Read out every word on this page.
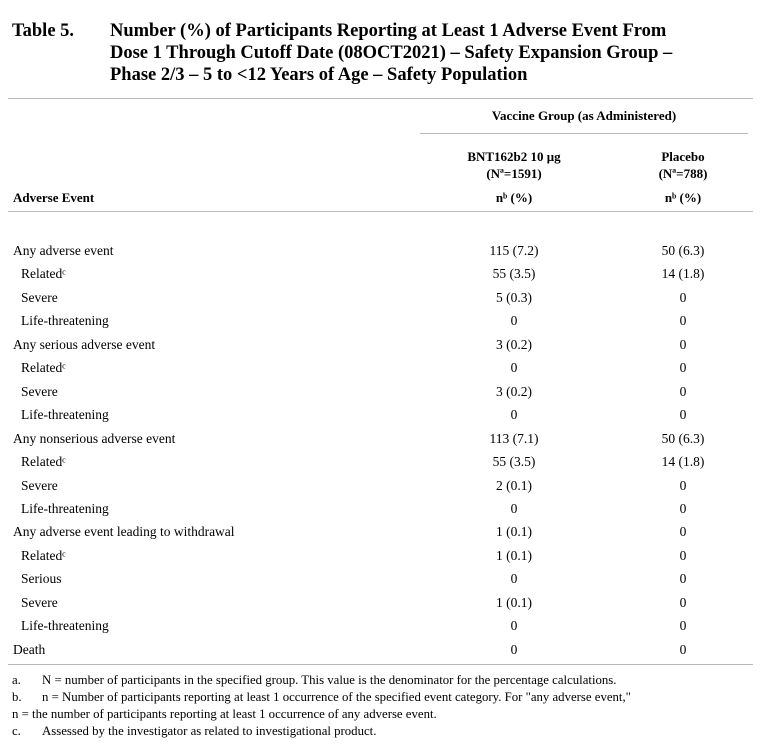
Table 5.	Number (%) of Participants Reporting at Least 1 Adverse Event From
Dose 1 Through Cutoff Date (08OCT2021) – Safety Expansion Group –
Phase 2/3 – 5 to <12 Years of Age – Safety Population
Vaccine Group (as Administered)
BNT162b2 10 μg
(Nª=1591)
nᵇ (%)
Placebo
(Nª=788)
nᵇ (%)
Adverse Event
Any adverse event	115 (7.2)	50 (6.3)
Relatedᶜ	55 (3.5)	14 (1.8)
Severe	5 (0.3)	0
Life-threatening	0	0
Any serious adverse event	3 (0.2)	0
Relatedᶜ	0	0
Severe	3 (0.2)	0
Life-threatening	0	0
Any nonserious adverse event	113 (7.1)	50 (6.3)
Relatedᶜ	55 (3.5)	14 (1.8)
Severe	2 (0.1)	0
Life-threatening	0	0
Any adverse event leading to withdrawal	1 (0.1)	0
Relatedᶜ	1 (0.1)	0
Serious	0	0
Severe	1 (0.1)	0
Life-threatening	0	0
Death	0	0
a. N = number of participants in the specified group. This value is the denominator for the percentage calculations.
b. n = Number of participants reporting at least 1 occurrence of the specified event category. For "any adverse event,"
n = the number of participants reporting at least 1 occurrence of any adverse event.
c. Assessed by the investigator as related to investigational product.
